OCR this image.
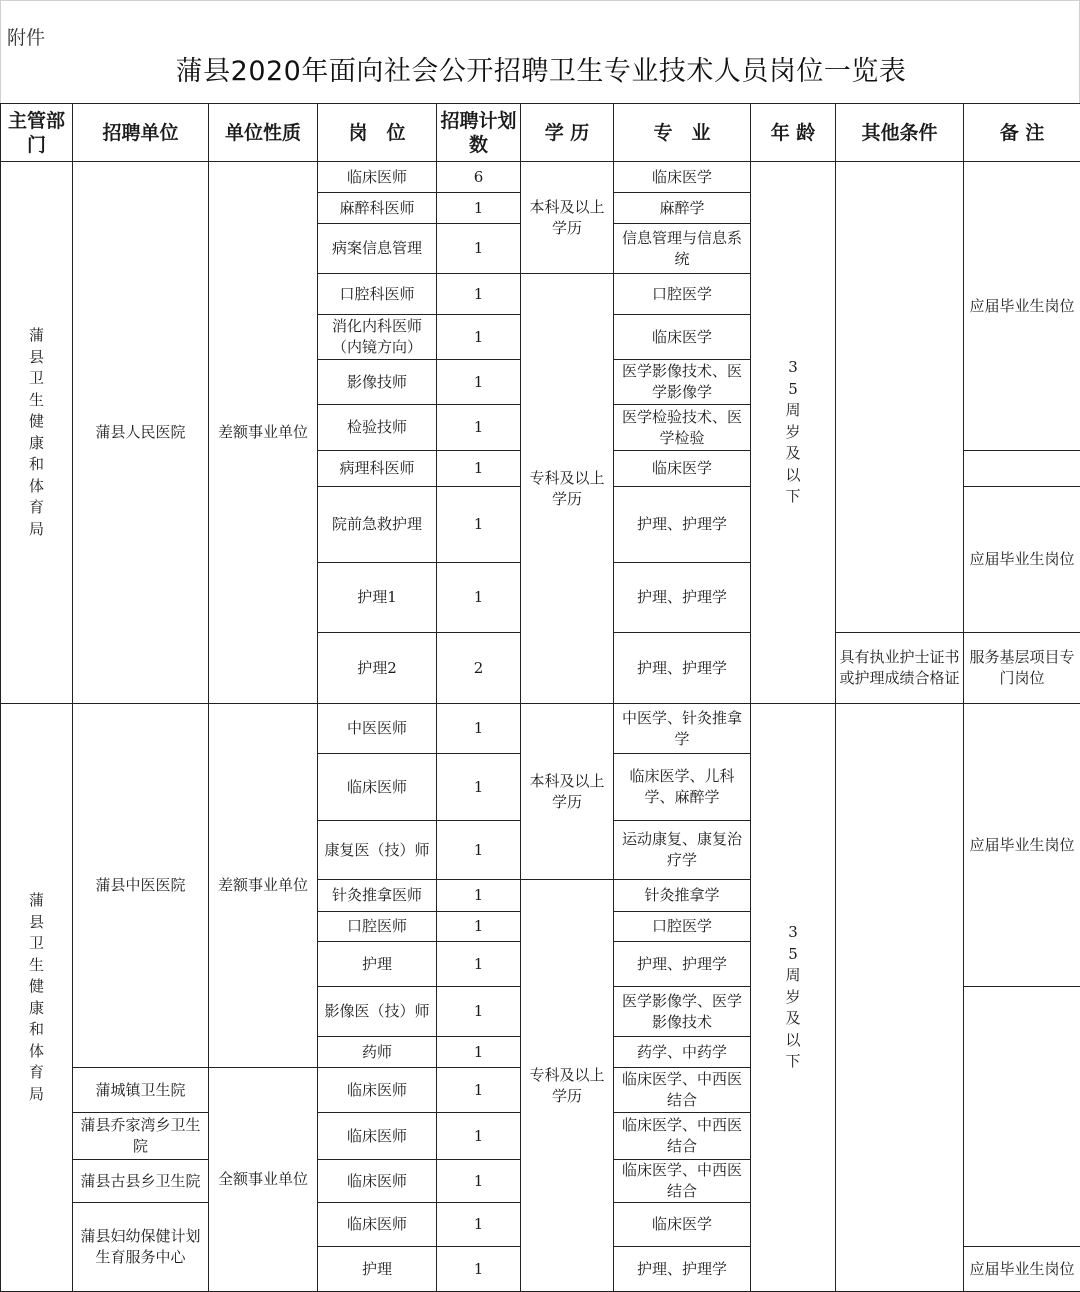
附件
蒲县2020年面向社会公开招聘卫生专业技术人员岗位一览表
主管部门	招聘单位	单位性质	岗　位	招聘计划数	学 历	专　业	年 龄	其他条件	备 注
蒲县卫生健康和体育局	蒲县人民医院	差额事业单位	临床医师	6	本科及以上学历	临床医学	35周岁及以下		应届毕业生岗位
			麻醉科医师	1		麻醉学			
			病案信息管理	1		信息管理与信息系统			
			口腔科医师	1	专科及以上学历	口腔医学			
			消化内科医师（内镜方向）	1		临床医学			
			影像技师	1		医学影像技术、医学影像学			
			检验技师	1		医学检验技术、医学检验			
			病理科医师	1		临床医学			
			院前急救护理	1		护理、护理学			应届毕业生岗位
			护理1	1		护理、护理学			
			护理2	2		护理、护理学		具有执业护士证书或护理成绩合格证	服务基层项目专门岗位
蒲县卫生健康和体育局	蒲县中医医院	差额事业单位	中医医师	1	本科及以上学历	中医学、针灸推拿学	35周岁及以下		应届毕业生岗位
			临床医师	1		临床医学、儿科学、麻醉学			
			康复医（技）师	1		运动康复、康复治疗学			
			针灸推拿医师	1	专科及以上学历	针灸推拿学			
			口腔医师	1		口腔医学			
			护理	1		护理、护理学			
			影像医（技）师	1		医学影像学、医学影像技术			
			药师	1		药学、中药学			
	蒲城镇卫生院	全额事业单位	临床医师	1		临床医学、中西医结合			
	蒲县乔家湾乡卫生院		临床医师	1		临床医学、中西医结合			
	蒲县古县乡卫生院		临床医师	1		临床医学、中西医结合			
	蒲县妇幼保健计划生育服务中心		临床医师	1		临床医学			
			护理	1		护理、护理学			应届毕业生岗位
